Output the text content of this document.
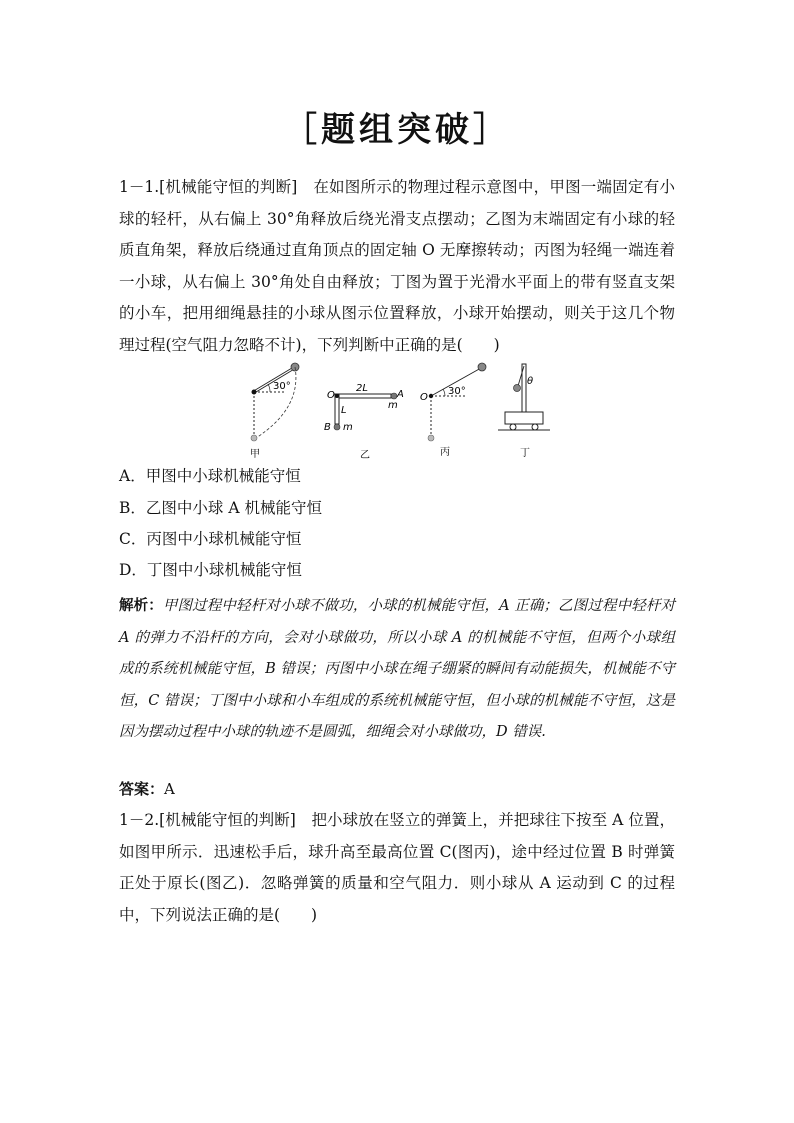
［题组突破］
1－1.[机械能守恒的判断]　 在如图所示的物理过程示意图中，甲图一端固定有小球的轻杆，从右偏上 30°角释放后绕光滑支点摆动；乙图为末端固定有小球的轻质直角架，释放后绕通过直角顶点的固定轴 O 无摩擦转动；丙图为轻绳一端连着一小球，从右偏上 30°角处自由释放；丁图为置于光滑水平面上的带有竖直支架的小车，把用细绳悬挂的小球从图示位置释放，小球开始摆动，则关于这几个物理过程(空气阻力忽略不计)，下列判断中正确的是(　　)
30°
甲
O
2L
L
A
m
B m
乙
O
30°
丙
θ
丁
A．甲图中小球机械能守恒
B．乙图中小球 A 机械能守恒
C．丙图中小球机械能守恒
D．丁图中小球机械能守恒
解析：甲图过程中轻杆对小球不做功，小球的机械能守恒，A 正确；乙图过程中轻杆对 A 的弹力不沿杆的方向，会对小球做功，所以小球 A 的机械能不守恒，但两个小球组成的系统机械能守恒，B 错误；丙图中小球在绳子绷紧的瞬间有动能损失，机械能不守恒，C 错误；丁图中小球和小车组成的系统机械能守恒，但小球的机械能不守恒，这是因为摆动过程中小球的轨迹不是圆弧，细绳会对小球做功，D 错误.
答案：A
1－2.[机械能守恒的判断]　 把小球放在竖立的弹簧上，并把球往下按至 A 位置，如图甲所示．迅速松手后，球升高至最高位置 C(图丙)，途中经过位置 B 时弹簧正处于原长(图乙)．忽略弹簧的质量和空气阻力．则小球从 A 运动到 C 的过程中，下列说法正确的是(　　)
